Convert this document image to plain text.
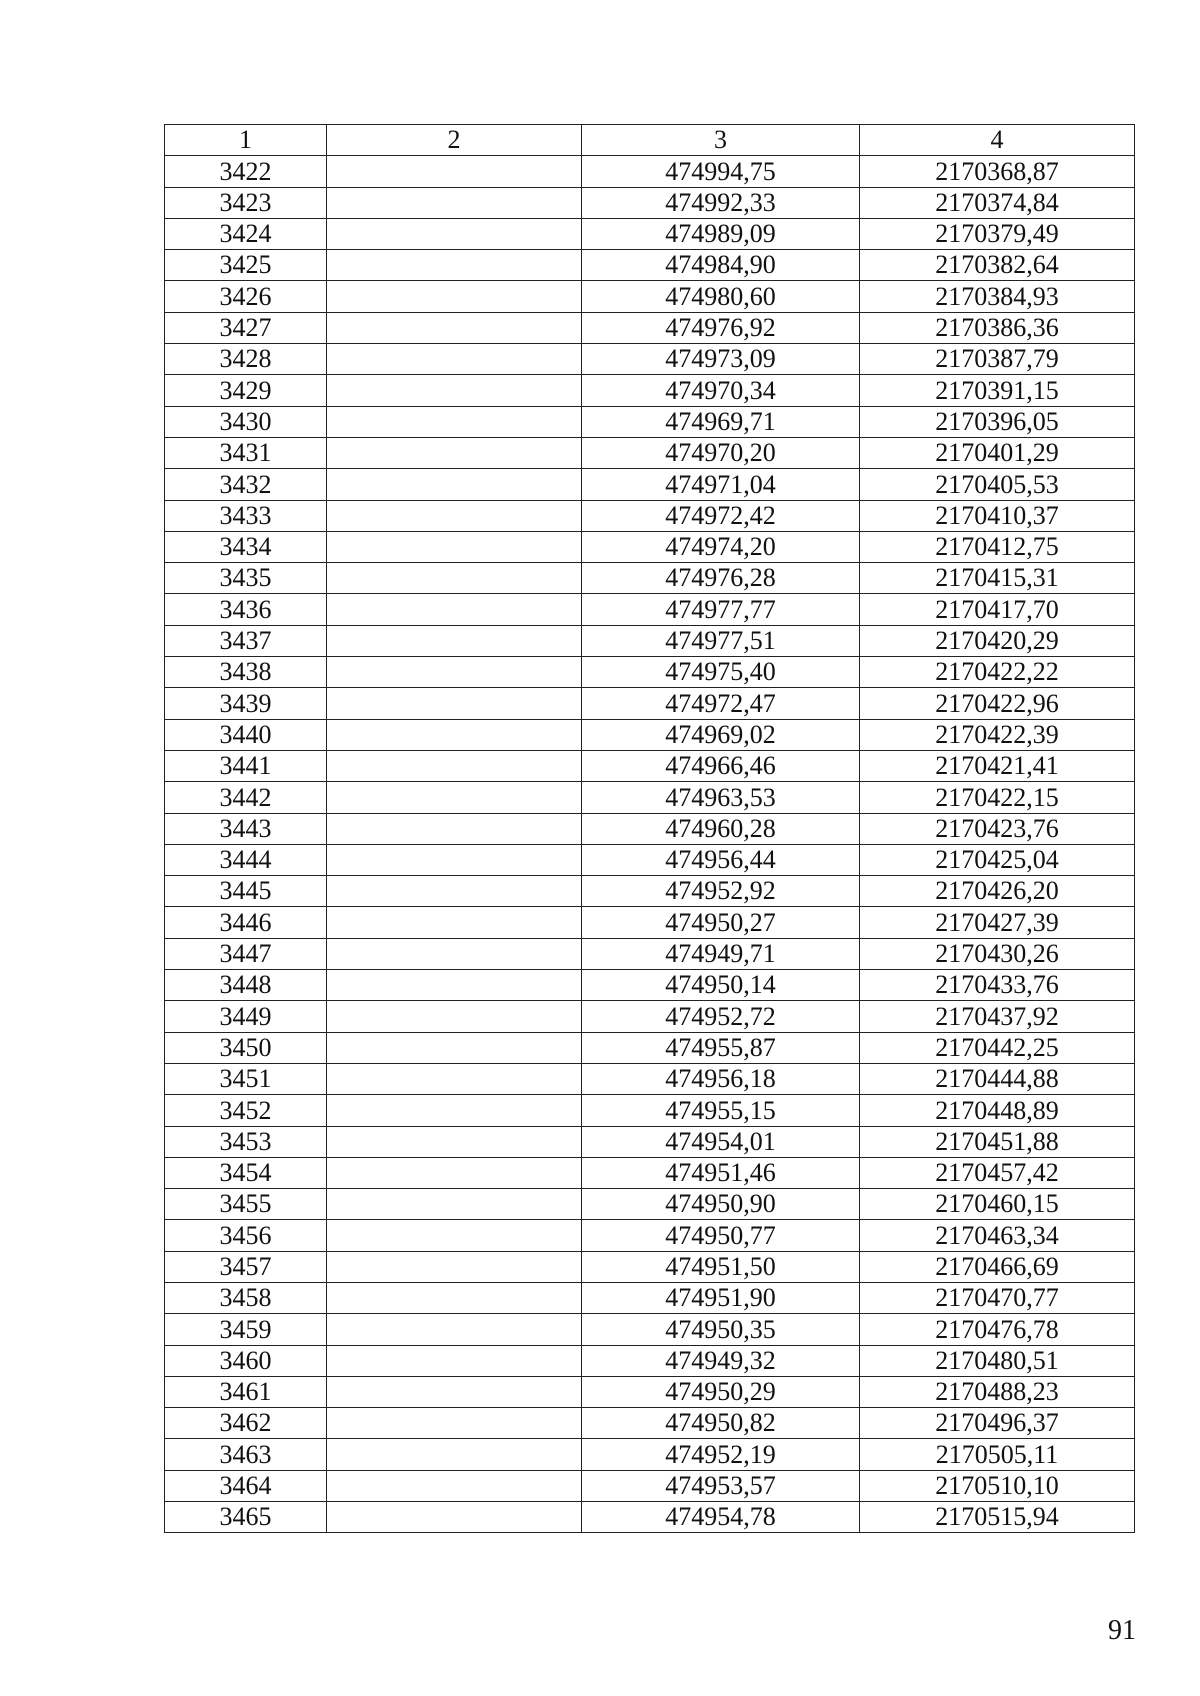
1	2	3	4
3422		474994,75	2170368,87
3423		474992,33	2170374,84
3424		474989,09	2170379,49
3425		474984,90	2170382,64
3426		474980,60	2170384,93
3427		474976,92	2170386,36
3428		474973,09	2170387,79
3429		474970,34	2170391,15
3430		474969,71	2170396,05
3431		474970,20	2170401,29
3432		474971,04	2170405,53
3433		474972,42	2170410,37
3434		474974,20	2170412,75
3435		474976,28	2170415,31
3436		474977,77	2170417,70
3437		474977,51	2170420,29
3438		474975,40	2170422,22
3439		474972,47	2170422,96
3440		474969,02	2170422,39
3441		474966,46	2170421,41
3442		474963,53	2170422,15
3443		474960,28	2170423,76
3444		474956,44	2170425,04
3445		474952,92	2170426,20
3446		474950,27	2170427,39
3447		474949,71	2170430,26
3448		474950,14	2170433,76
3449		474952,72	2170437,92
3450		474955,87	2170442,25
3451		474956,18	2170444,88
3452		474955,15	2170448,89
3453		474954,01	2170451,88
3454		474951,46	2170457,42
3455		474950,90	2170460,15
3456		474950,77	2170463,34
3457		474951,50	2170466,69
3458		474951,90	2170470,77
3459		474950,35	2170476,78
3460		474949,32	2170480,51
3461		474950,29	2170488,23
3462		474950,82	2170496,37
3463		474952,19	2170505,11
3464		474953,57	2170510,10
3465		474954,78	2170515,94
91
